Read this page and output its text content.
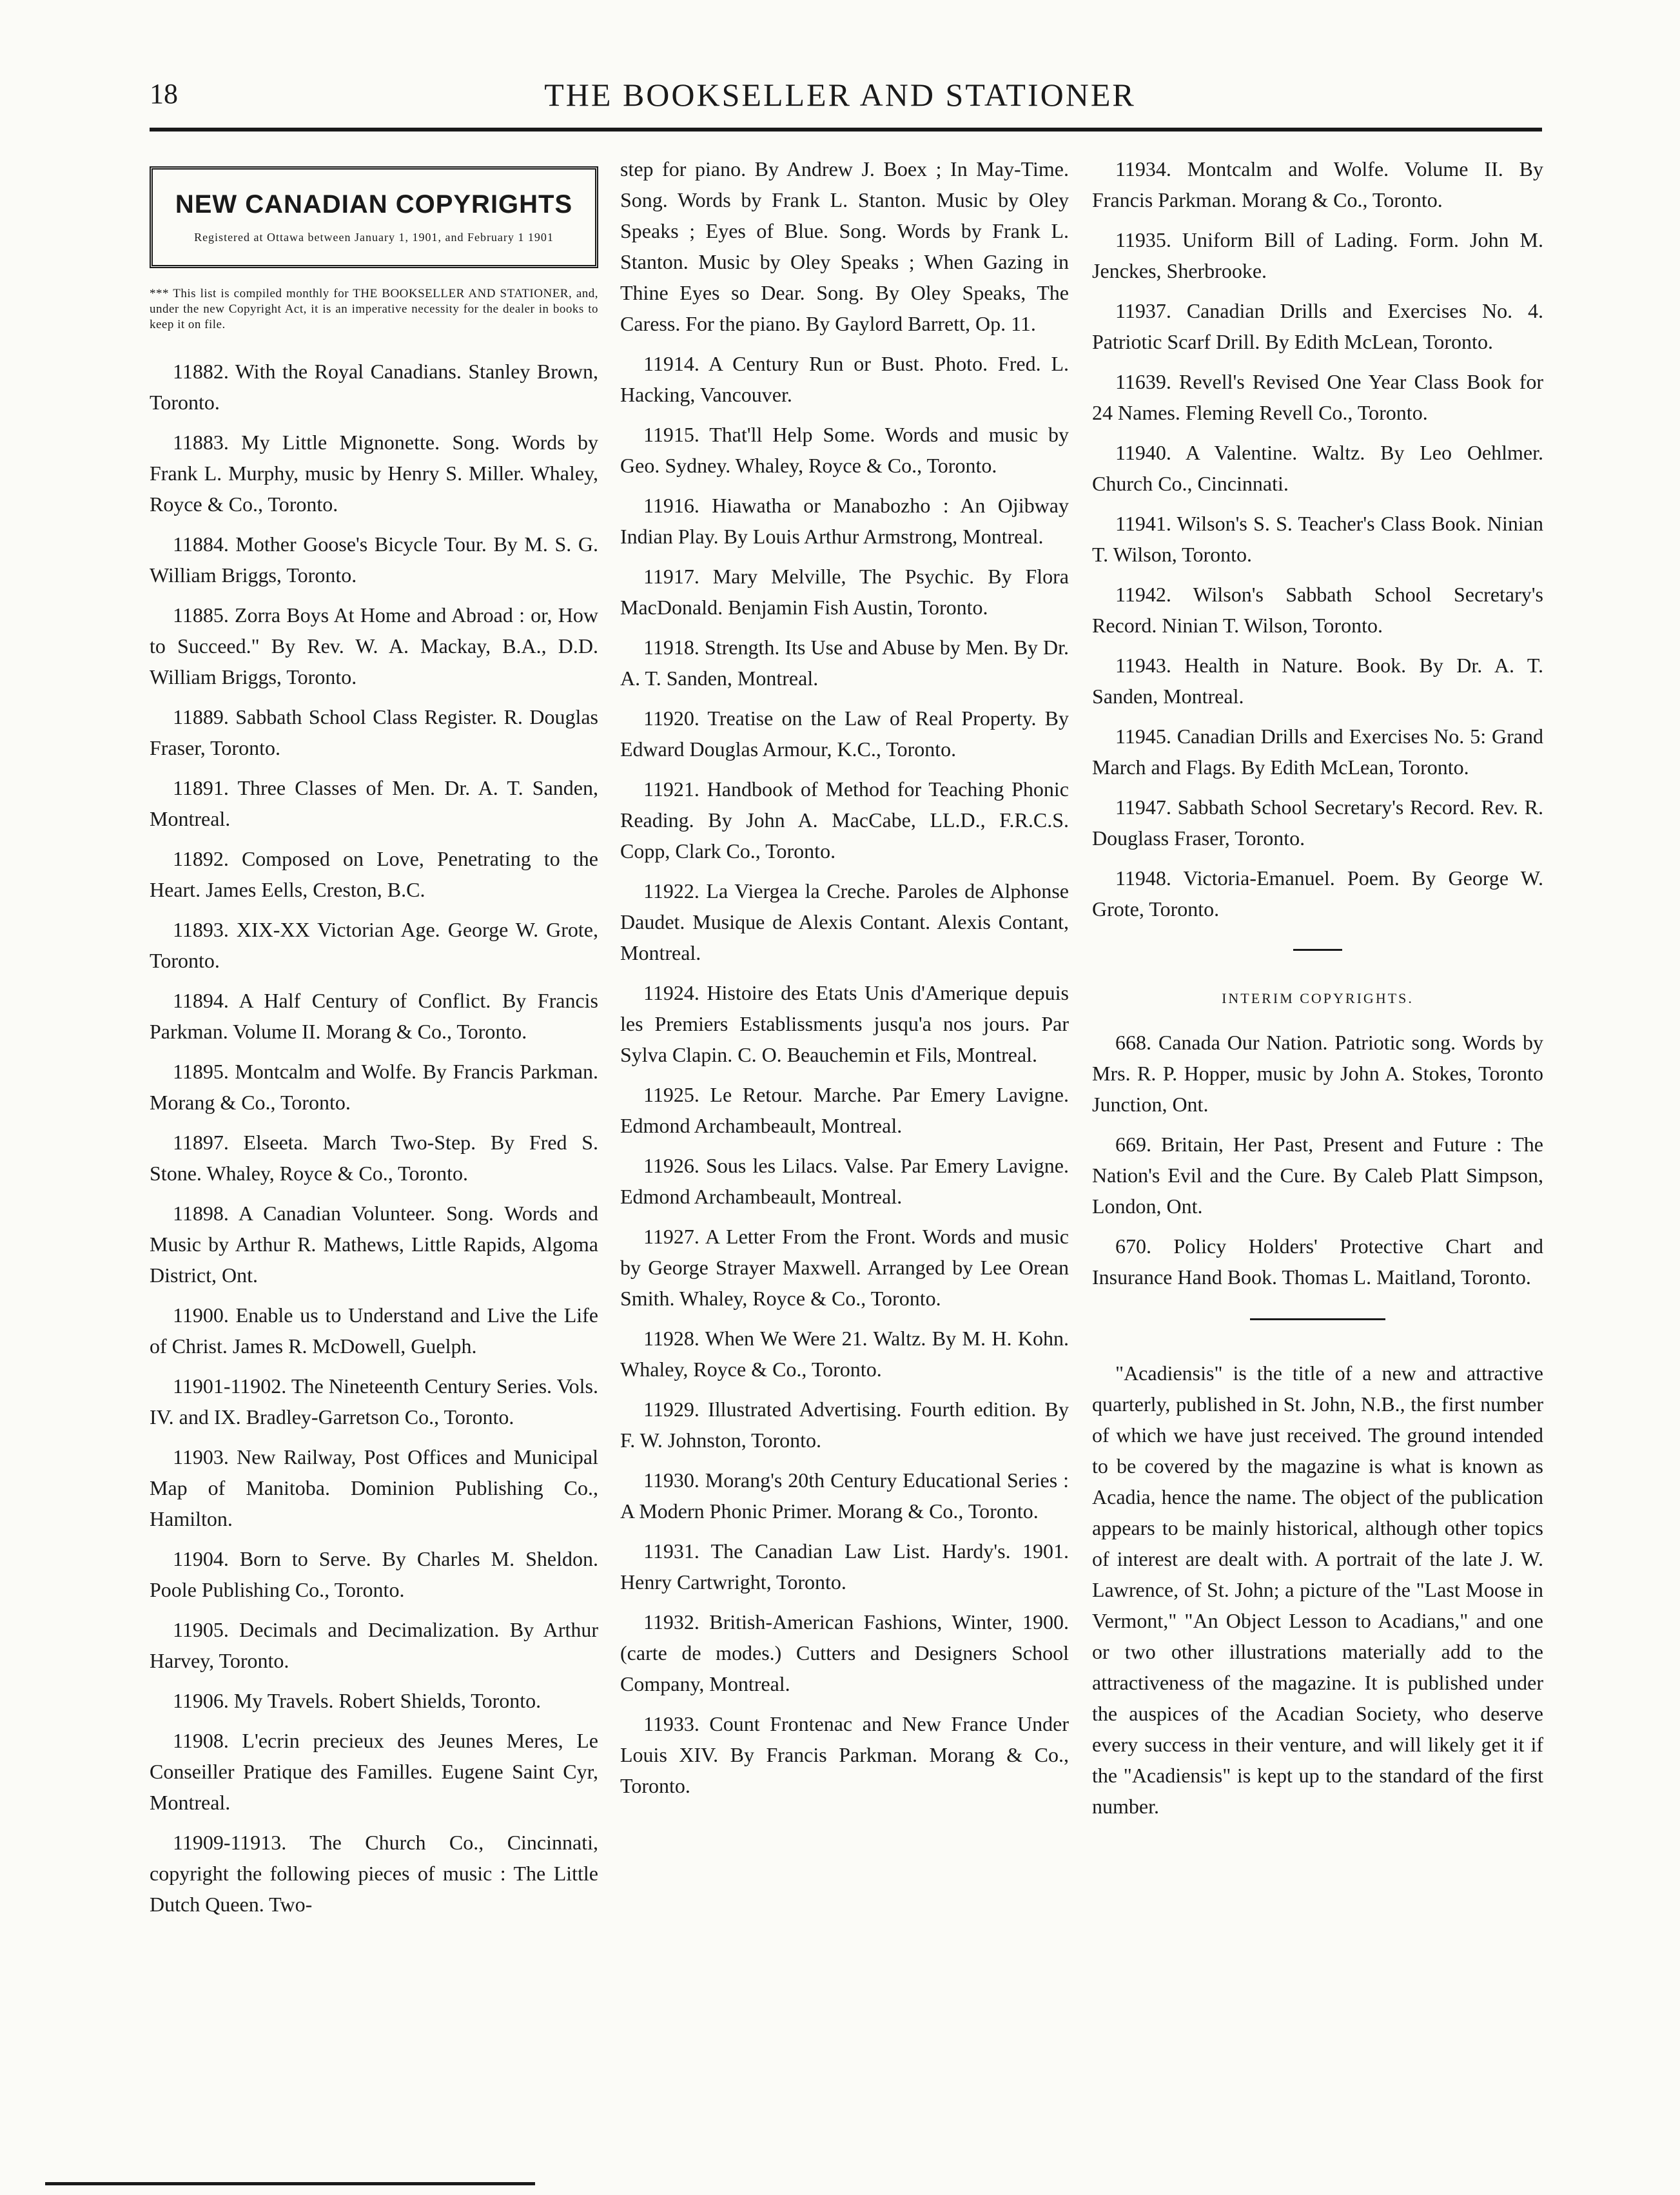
18	THE BOOKSELLER AND STATIONER
NEW CANADIAN COPYRIGHTS
Registered at Ottawa between January 1, 1901, and February 1 1901

*** This list is compiled monthly for THE BOOKSELLER AND STATIONER, and, under the new Copyright Act, it is an imperative necessity for the dealer in books to keep it on file.

11882. With the Royal Canadians. Stanley Brown, Toronto.

11883. My Little Mignonette. Song. Words by Frank L. Murphy, music by Henry S. Miller. Whaley, Royce & Co., Toronto.

11884. Mother Goose's Bicycle Tour. By M. S. G. William Briggs, Toronto.

11885. Zorra Boys At Home and Abroad : or, How to Succeed." By Rev. W. A. Mackay, B.A., D.D. William Briggs, Toronto.

11889. Sabbath School Class Register. R. Douglas Fraser, Toronto.

11891. Three Classes of Men. Dr. A. T. Sanden, Montreal.

11892. Composed on Love, Penetrating to the Heart. James Eells, Creston, B.C.

11893. XIX-XX Victorian Age. George W. Grote, Toronto.

11894. A Half Century of Conflict. By Francis Parkman. Volume II. Morang & Co., Toronto.

11895. Montcalm and Wolfe. By Francis Parkman. Morang & Co., Toronto.

11897. Elseeta. March Two-Step. By Fred S. Stone. Whaley, Royce & Co., Toronto.

11898. A Canadian Volunteer. Song. Words and Music by Arthur R. Mathews, Little Rapids, Algoma District, Ont.

11900. Enable us to Understand and Live the Life of Christ. James R. McDowell, Guelph.

11901-11902. The Nineteenth Century Series. Vols. IV. and IX. Bradley-Garretson Co., Toronto.

11903. New Railway, Post Offices and Municipal Map of Manitoba. Dominion Publishing Co., Hamilton.

11904. Born to Serve. By Charles M. Sheldon. Poole Publishing Co., Toronto.

11905. Decimals and Decimalization. By Arthur Harvey, Toronto.

11906. My Travels. Robert Shields, Toronto.

11908. L'ecrin precieux des Jeunes Meres, Le Conseiller Pratique des Familles. Eugene Saint Cyr, Montreal.

11909-11913. The Church Co., Cincinnati, copyright the following pieces of music : The Little Dutch Queen. Two-

step for piano. By Andrew J. Boex ; In May-Time. Song. Words by Frank L. Stanton. Music by Oley Speaks ; Eyes of Blue. Song. Words by Frank L. Stanton. Music by Oley Speaks ; When Gazing in Thine Eyes so Dear. Song. By Oley Speaks, The Caress. For the piano. By Gaylord Barrett, Op. 11.

11914. A Century Run or Bust. Photo. Fred. L. Hacking, Vancouver.

11915. That'll Help Some. Words and music by Geo. Sydney. Whaley, Royce & Co., Toronto.

11916. Hiawatha or Manabozho : An Ojibway Indian Play. By Louis Arthur Armstrong, Montreal.

11917. Mary Melville, The Psychic. By Flora MacDonald. Benjamin Fish Austin, Toronto.

11918. Strength. Its Use and Abuse by Men. By Dr. A. T. Sanden, Montreal.

11920. Treatise on the Law of Real Property. By Edward Douglas Armour, K.C., Toronto.

11921. Handbook of Method for Teaching Phonic Reading. By John A. MacCabe, LL.D., F.R.C.S. Copp, Clark Co., Toronto.

11922. La Viergea la Creche. Paroles de Alphonse Daudet. Musique de Alexis Contant. Alexis Contant, Montreal.

11924. Histoire des Etats Unis d'Amerique depuis les Premiers Establissments jusqu'a nos jours. Par Sylva Clapin. C. O. Beauchemin et Fils, Montreal.

11925. Le Retour. Marche. Par Emery Lavigne. Edmond Archambeault, Montreal.

11926. Sous les Lilacs. Valse. Par Emery Lavigne. Edmond Archambeault, Montreal.

11927. A Letter From the Front. Words and music by George Strayer Maxwell. Arranged by Lee Orean Smith. Whaley, Royce & Co., Toronto.

11928. When We Were 21. Waltz. By M. H. Kohn. Whaley, Royce & Co., Toronto.

11929. Illustrated Advertising. Fourth edition. By F. W. Johnston, Toronto.

11930. Morang's 20th Century Educational Series : A Modern Phonic Primer. Morang & Co., Toronto.

11931. The Canadian Law List. Hardy's. 1901. Henry Cartwright, Toronto.

11932. British-American Fashions, Winter, 1900. (carte de modes.) Cutters and Designers School Company, Montreal.

11933. Count Frontenac and New France Under Louis XIV. By Francis Parkman. Morang & Co., Toronto.

11934. Montcalm and Wolfe. Volume II. By Francis Parkman. Morang & Co., Toronto.

11935. Uniform Bill of Lading. Form. John M. Jenckes, Sherbrooke.

11937. Canadian Drills and Exercises No. 4. Patriotic Scarf Drill. By Edith McLean, Toronto.

11639. Revell's Revised One Year Class Book for 24 Names. Fleming Revell Co., Toronto.

11940. A Valentine. Waltz. By Leo Oehlmer. Church Co., Cincinnati.

11941. Wilson's S. S. Teacher's Class Book. Ninian T. Wilson, Toronto.

11942. Wilson's Sabbath School Secretary's Record. Ninian T. Wilson, Toronto.

11943. Health in Nature. Book. By Dr. A. T. Sanden, Montreal.

11945. Canadian Drills and Exercises No. 5: Grand March and Flags. By Edith McLean, Toronto.

11947. Sabbath School Secretary's Record. Rev. R. Douglass Fraser, Toronto.

11948. Victoria-Emanuel. Poem. By George W. Grote, Toronto.

INTERIM COPYRIGHTS.

668. Canada Our Nation. Patriotic song. Words by Mrs. R. P. Hopper, music by John A. Stokes, Toronto Junction, Ont.

669. Britain, Her Past, Present and Future : The Nation's Evil and the Cure. By Caleb Platt Simpson, London, Ont.

670. Policy Holders' Protective Chart and Insurance Hand Book. Thomas L. Maitland, Toronto.

"Acadiensis" is the title of a new and attractive quarterly, published in St. John, N.B., the first number of which we have just received. The ground intended to be covered by the magazine is what is known as Acadia, hence the name. The object of the publication appears to be mainly historical, although other topics of interest are dealt with. A portrait of the late J. W. Lawrence, of St. John; a picture of the "Last Moose in Vermont," "An Object Lesson to Acadians," and one or two other illustrations materially add to the attractiveness of the magazine. It is published under the auspices of the Acadian Society, who deserve every success in their venture, and will likely get it if the "Acadiensis" is kept up to the standard of the first number.
